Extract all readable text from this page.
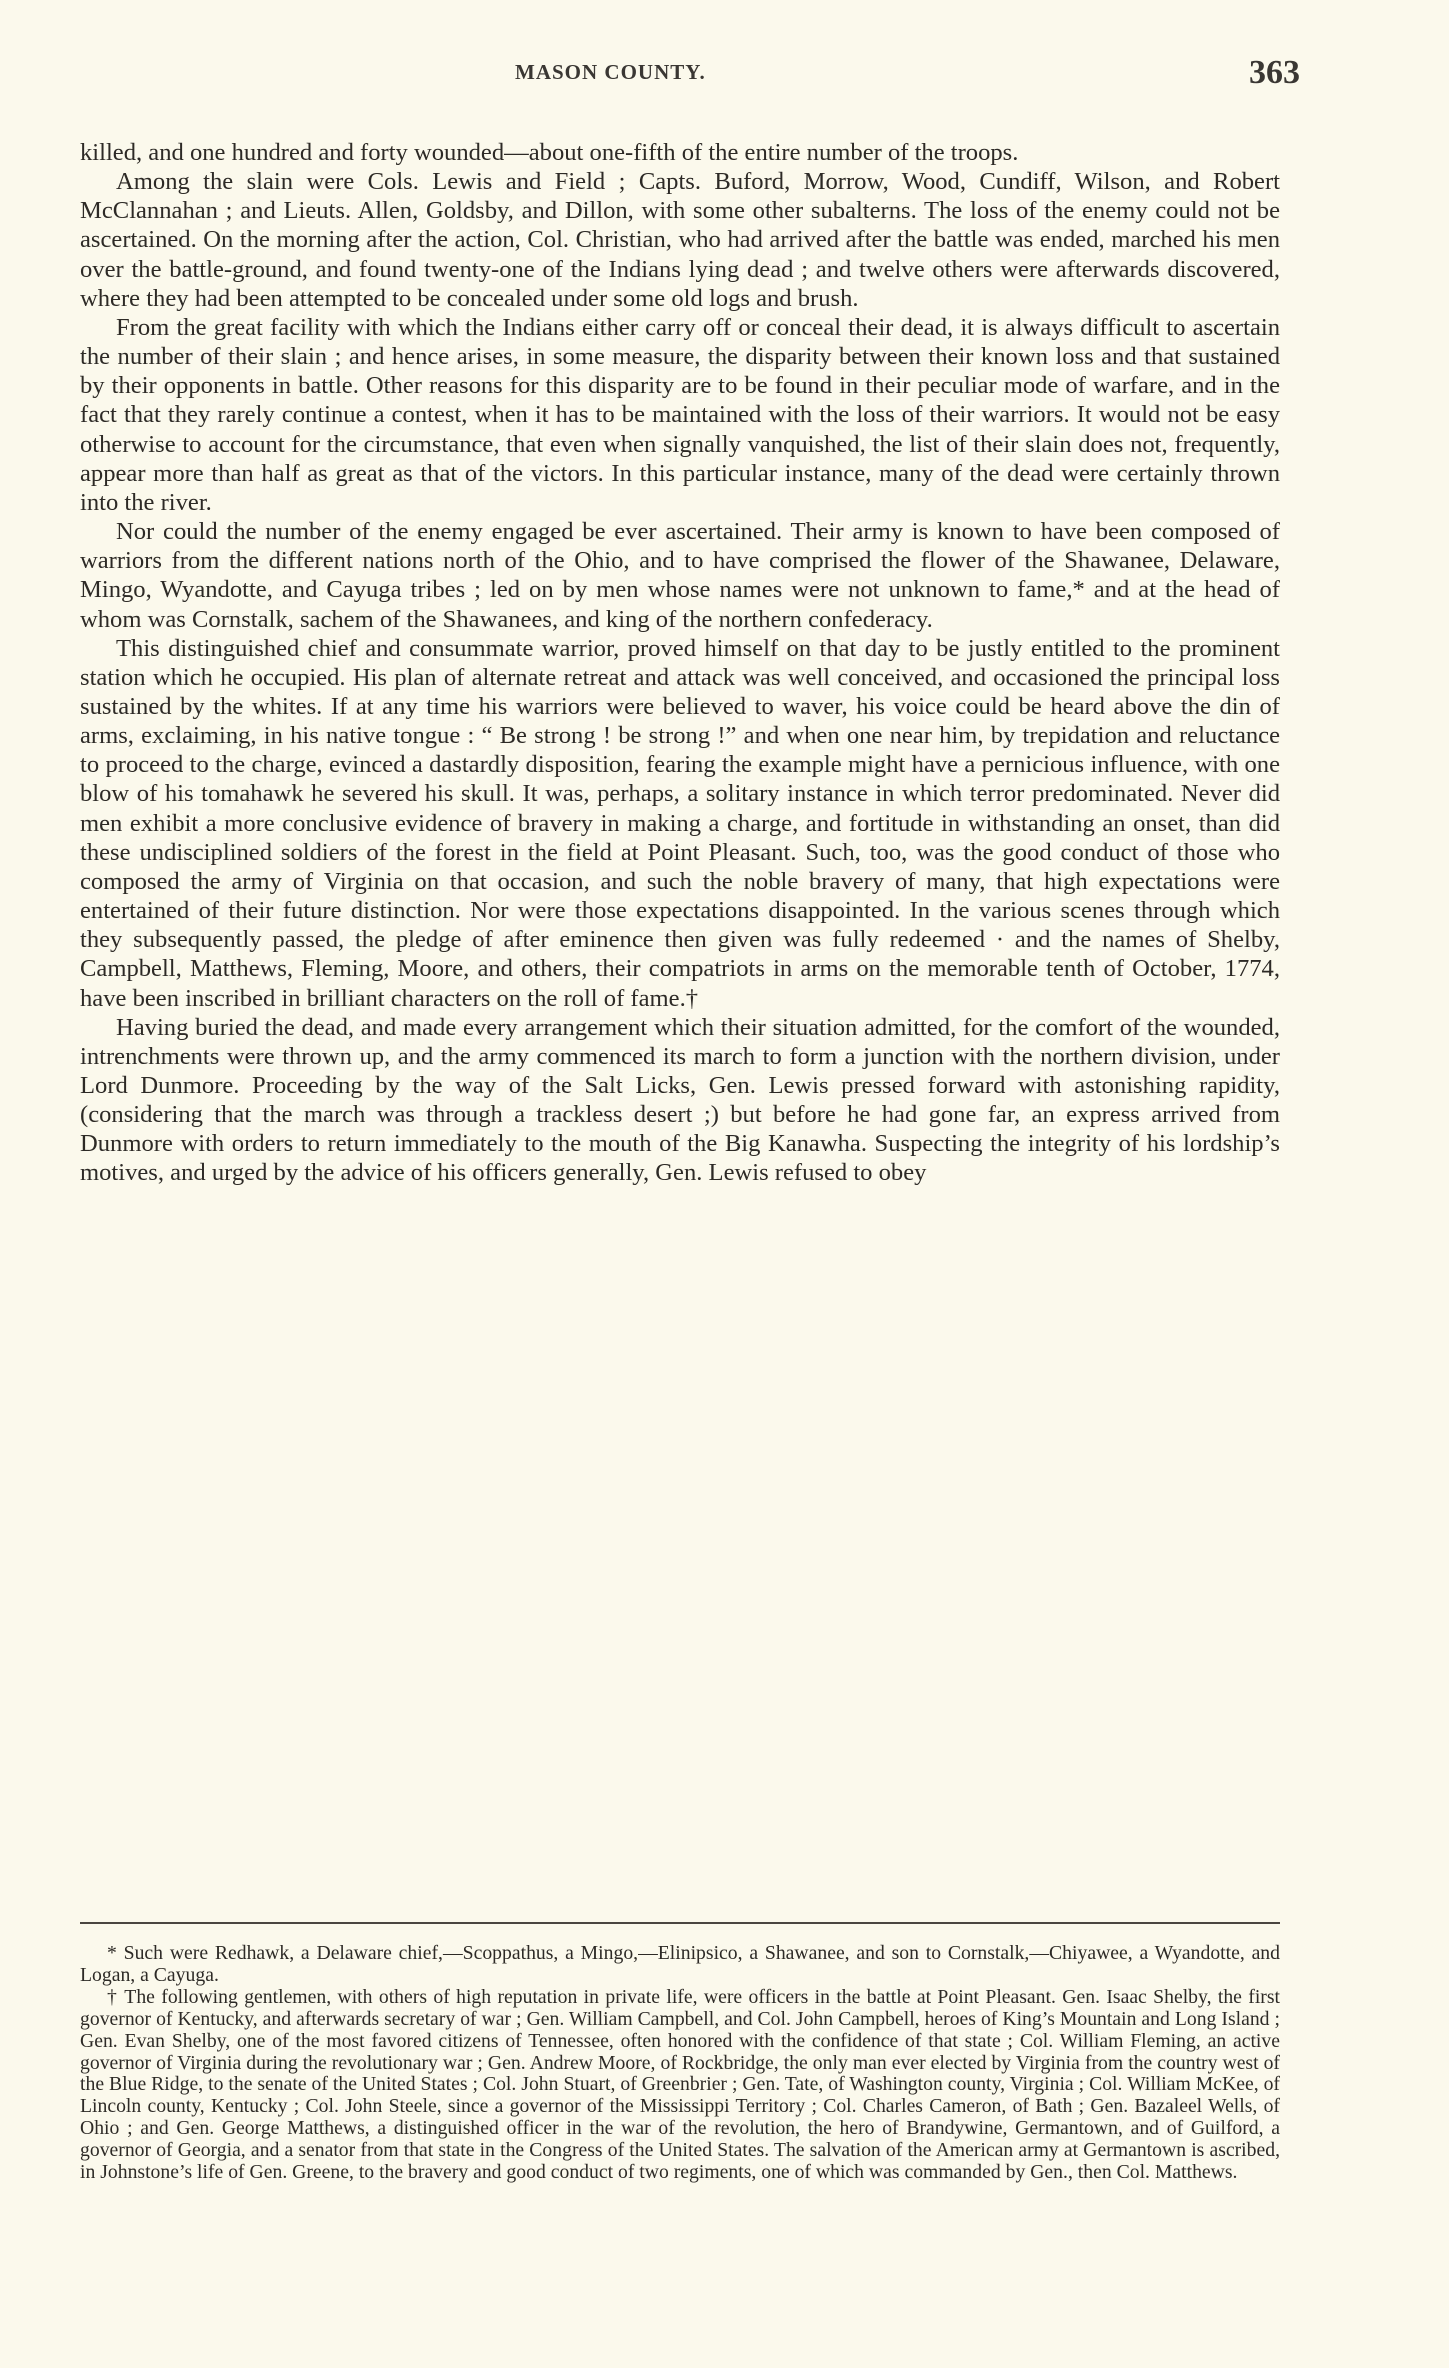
MASON COUNTY.	363

killed, and one hundred and forty wounded—about one-fifth of the entire number of the troops.

Among the slain were Cols. Lewis and Field ; Capts. Buford, Morrow, Wood, Cundiff, Wilson, and Robert McClannahan ; and Lieuts. Allen, Goldsby, and Dillon, with some other subalterns. The loss of the enemy could not be ascertained. On the morning after the action, Col. Christian, who had arrived after the battle was ended, marched his men over the battle-ground, and found twenty-one of the Indians lying dead ; and twelve others were afterwards discovered, where they had been attempted to be concealed under some old logs and brush.

From the great facility with which the Indians either carry off or conceal their dead, it is always difficult to ascertain the number of their slain ; and hence arises, in some measure, the disparity between their known loss and that sustained by their opponents in battle. Other reasons for this disparity are to be found in their peculiar mode of warfare, and in the fact that they rarely continue a contest, when it has to be maintained with the loss of their warriors. It would not be easy otherwise to account for the circumstance, that even when signally vanquished, the list of their slain does not, frequently, appear more than half as great as that of the victors. In this particular instance, many of the dead were certainly thrown into the river.

Nor could the number of the enemy engaged be ever ascertained. Their army is known to have been composed of warriors from the different nations north of the Ohio, and to have comprised the flower of the Shawanee, Delaware, Mingo, Wyandotte, and Cayuga tribes ; led on by men whose names were not unknown to fame,* and at the head of whom was Cornstalk, sachem of the Shawanees, and king of the northern confederacy.

This distinguished chief and consummate warrior, proved himself on that day to be justly entitled to the prominent station which he occupied. His plan of alternate retreat and attack was well conceived, and occasioned the principal loss sustained by the whites. If at any time his warriors were believed to waver, his voice could be heard above the din of arms, exclaiming, in his native tongue : “ Be strong ! be strong !” and when one near him, by trepidation and reluctance to proceed to the charge, evinced a dastardly disposition, fearing the example might have a pernicious influence, with one blow of his tomahawk he severed his skull. It was, perhaps, a solitary instance in which terror predominated. Never did men exhibit a more conclusive evidence of bravery in making a charge, and fortitude in withstanding an onset, than did these undisciplined soldiers of the forest in the field at Point Pleasant. Such, too, was the good conduct of those who composed the army of Virginia on that occasion, and such the noble bravery of many, that high expectations were entertained of their future distinction. Nor were those expectations disappointed. In the various scenes through which they subsequently passed, the pledge of after eminence then given was fully redeemed · and the names of Shelby, Campbell, Matthews, Fleming, Moore, and others, their compatriots in arms on the memorable tenth of October, 1774, have been inscribed in brilliant characters on the roll of fame.†

Having buried the dead, and made every arrangement which their situation admitted, for the comfort of the wounded, intrenchments were thrown up, and the army commenced its march to form a junction with the northern division, under Lord Dunmore. Proceeding by the way of the Salt Licks, Gen. Lewis pressed forward with astonishing rapidity, (considering that the march was through a trackless desert ;) but before he had gone far, an express arrived from Dunmore with orders to return immediately to the mouth of the Big Kanawha. Suspecting the integrity of his lordship’s motives, and urged by the advice of his officers generally, Gen. Lewis refused to obey

* Such were Redhawk, a Delaware chief,—Scoppathus, a Mingo,—Elinipsico, a Shawanee, and son to Cornstalk,—Chiyawee, a Wyandotte, and Logan, a Cayuga.

† The following gentlemen, with others of high reputation in private life, were officers in the battle at Point Pleasant. Gen. Isaac Shelby, the first governor of Kentucky, and afterwards secretary of war ; Gen. William Campbell, and Col. John Campbell, heroes of King’s Mountain and Long Island ; Gen. Evan Shelby, one of the most favored citizens of Tennessee, often honored with the confidence of that state ; Col. William Fleming, an active governor of Virginia during the revolutionary war ; Gen. Andrew Moore, of Rockbridge, the only man ever elected by Virginia from the country west of the Blue Ridge, to the senate of the United States ; Col. John Stuart, of Greenbrier ; Gen. Tate, of Washington county, Virginia ; Col. William McKee, of Lincoln county, Kentucky ; Col. John Steele, since a governor of the Mississippi Territory ; Col. Charles Cameron, of Bath ; Gen. Bazaleel Wells, of Ohio ; and Gen. George Matthews, a distinguished officer in the war of the revolution, the hero of Brandywine, Germantown, and of Guilford, a governor of Georgia, and a senator from that state in the Congress of the United States. The salvation of the American army at Germantown is ascribed, in Johnstone’s life of Gen. Greene, to the bravery and good conduct of two regiments, one of which was commanded by Gen., then Col. Matthews.
